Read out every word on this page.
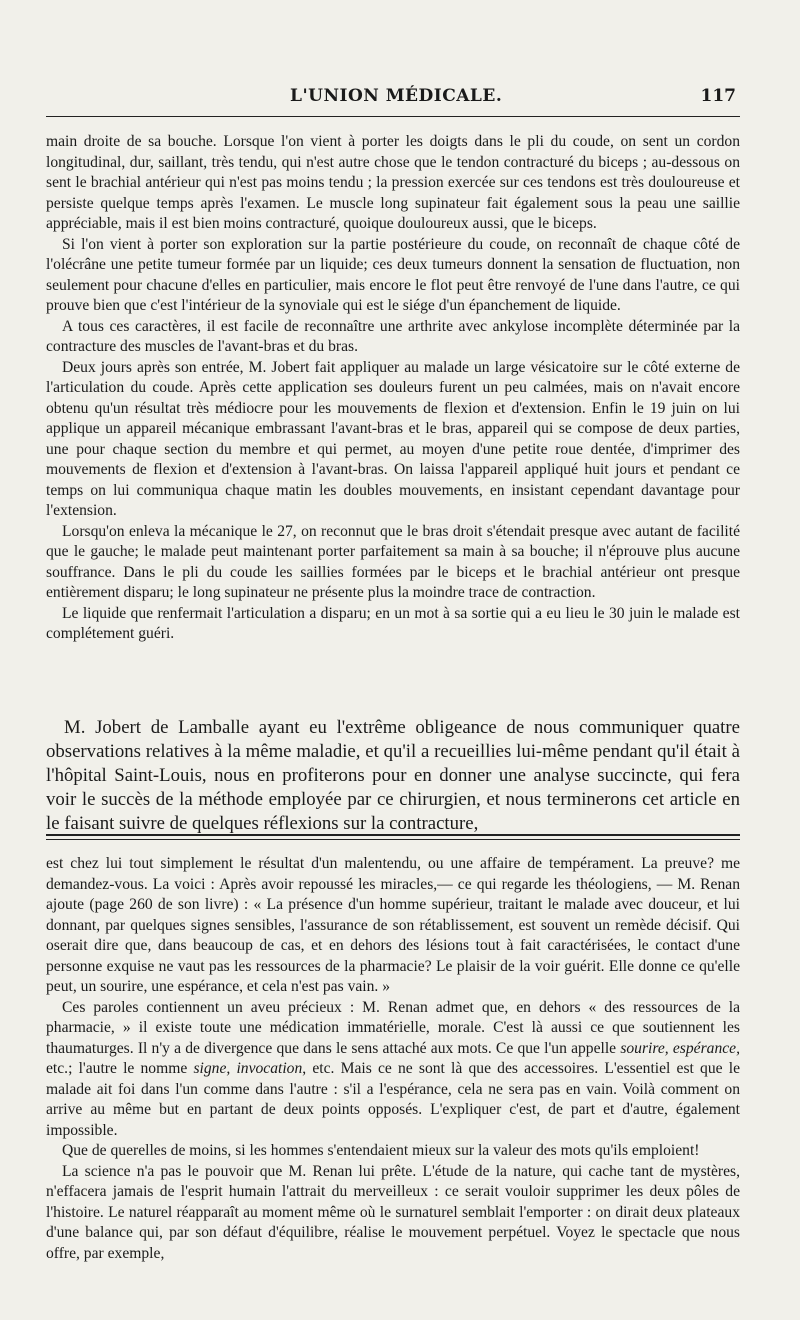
L'UNION MÉDICALE.	117

main droite de sa bouche. Lorsque l'on vient à porter les doigts dans le pli du coude, on sent un cordon longitudinal, dur, saillant, très tendu, qui n'est autre chose que le tendon contracturé du biceps ; au-dessous on sent le brachial antérieur qui n'est pas moins tendu ; la pression exercée sur ces tendons est très douloureuse et persiste quelque temps après l'examen. Le muscle long supinateur fait également sous la peau une saillie appréciable, mais il est bien moins contracturé, quoique douloureux aussi, que le biceps.

Si l'on vient à porter son exploration sur la partie postérieure du coude, on reconnaît de chaque côté de l'olécrâne une petite tumeur formée par un liquide; ces deux tumeurs donnent la sensation de fluctuation, non seulement pour chacune d'elles en particulier, mais encore le flot peut être renvoyé de l'une dans l'autre, ce qui prouve bien que c'est l'intérieur de la synoviale qui est le siége d'un épanchement de liquide.

A tous ces caractères, il est facile de reconnaître une arthrite avec ankylose incomplète déterminée par la contracture des muscles de l'avant-bras et du bras.

Deux jours après son entrée, M. Jobert fait appliquer au malade un large vésicatoire sur le côté externe de l'articulation du coude. Après cette application ses douleurs furent un peu calmées, mais on n'avait encore obtenu qu'un résultat très médiocre pour les mouvements de flexion et d'extension. Enfin le 19 juin on lui applique un appareil mécanique embrassant l'avant-bras et le bras, appareil qui se compose de deux parties, une pour chaque section du membre et qui permet, au moyen d'une petite roue dentée, d'imprimer des mouvements de flexion et d'extension à l'avant-bras. On laissa l'appareil appliqué huit jours et pendant ce temps on lui communiqua chaque matin les doubles mouvements, en insistant cependant davantage pour l'extension.

Lorsqu'on enleva la mécanique le 27, on reconnut que le bras droit s'étendait presque avec autant de facilité que le gauche; le malade peut maintenant porter parfaitement sa main à sa bouche; il n'éprouve plus aucune souffrance. Dans le pli du coude les saillies formées par le biceps et le brachial antérieur ont presque entièrement disparu; le long supinateur ne présente plus la moindre trace de contraction.

Le liquide que renfermait l'articulation a disparu; en un mot à sa sortie qui a eu lieu le 30 juin le malade est complétement guéri.

M. Jobert de Lamballe ayant eu l'extrême obligeance de nous communiquer quatre observations relatives à la même maladie, et qu'il a recueillies lui-même pendant qu'il était à l'hôpital Saint-Louis, nous en profiterons pour en donner une analyse succincte, qui fera voir le succès de la méthode employée par ce chirurgien, et nous terminerons cet article en le faisant suivre de quelques réflexions sur la contracture,

est chez lui tout simplement le résultat d'un malentendu, ou une affaire de tempérament. La preuve? me demandez-vous. La voici : Après avoir repoussé les miracles,— ce qui regarde les théologiens, — M. Renan ajoute (page 260 de son livre) : « La présence d'un homme supérieur, traitant le malade avec douceur, et lui donnant, par quelques signes sensibles, l'assurance de son rétablissement, est souvent un remède décisif. Qui oserait dire que, dans beaucoup de cas, et en dehors des lésions tout à fait caractérisées, le contact d'une personne exquise ne vaut pas les ressources de la pharmacie? Le plaisir de la voir guérit. Elle donne ce qu'elle peut, un sourire, une espérance, et cela n'est pas vain. »

Ces paroles contiennent un aveu précieux : M. Renan admet que, en dehors « des ressources de la pharmacie, » il existe toute une médication immatérielle, morale. C'est là aussi ce que soutiennent les thaumaturges. Il n'y a de divergence que dans le sens attaché aux mots. Ce que l'un appelle sourire, espérance, etc.; l'autre le nomme signe, invocation, etc. Mais ce ne sont là que des accessoires. L'essentiel est que le malade ait foi dans l'un comme dans l'autre : s'il a l'espérance, cela ne sera pas en vain. Voilà comment on arrive au même but en partant de deux points opposés. L'expliquer c'est, de part et d'autre, également impossible.

Que de querelles de moins, si les hommes s'entendaient mieux sur la valeur des mots qu'ils emploient!

La science n'a pas le pouvoir que M. Renan lui prête. L'étude de la nature, qui cache tant de mystères, n'effacera jamais de l'esprit humain l'attrait du merveilleux : ce serait vouloir supprimer les deux pôles de l'histoire. Le naturel réapparaît au moment même où le surnaturel semblait l'emporter : on dirait deux plateaux d'une balance qui, par son défaut d'équilibre, réalise le mouvement perpétuel. Voyez le spectacle que nous offre, par exemple,
